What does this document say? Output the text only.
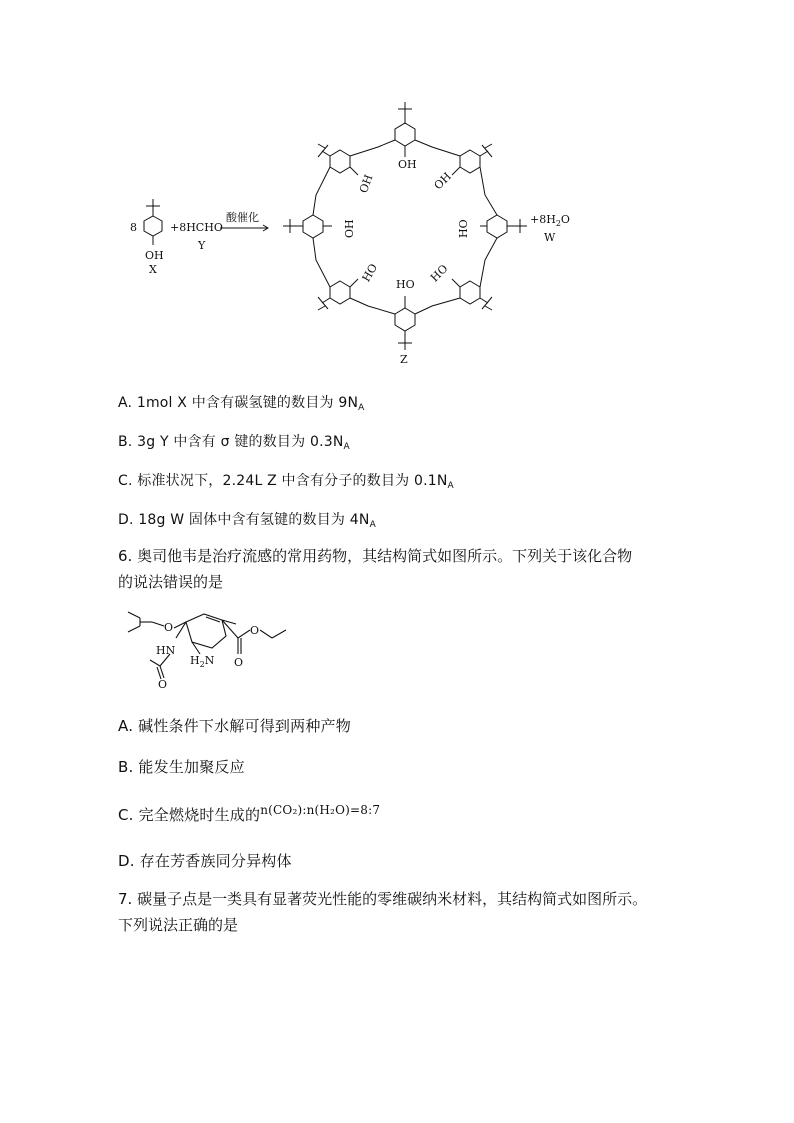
8
OH
X
+8HCHO
Y
酸催化
OH
OH
HO
HO
HO
HO
OH
OH
$+8H_2O$
W
Z
A. 1mol X 中含有碳氢键的数目为 $9N_A$
B. 3g Y 中含有 σ 键的数目为 $0.3N_A$
C. 标准状况下，2.24L Z 中含有分子的数目为 $0.1N_A$
D. 18g W 固体中含有氢键的数目为 $4N_A$
6. 奥司他韦是治疗流感的常用药物，其结构简式如图所示。下列关于该化合物
的说法错误的是
O	O
O
HN
O
$H_2N$
A. 碱性条件下水解可得到两种产物
B. 能发生加聚反应
C. 完全燃烧时生成的$^{n(CO_2):n(H_2O)=8:7}$
D. 存在芳香族同分异构体
7. 碳量子点是一类具有显著荧光性能的零维碳纳米材料，其结构简式如图所示。
下列说法正确的是
